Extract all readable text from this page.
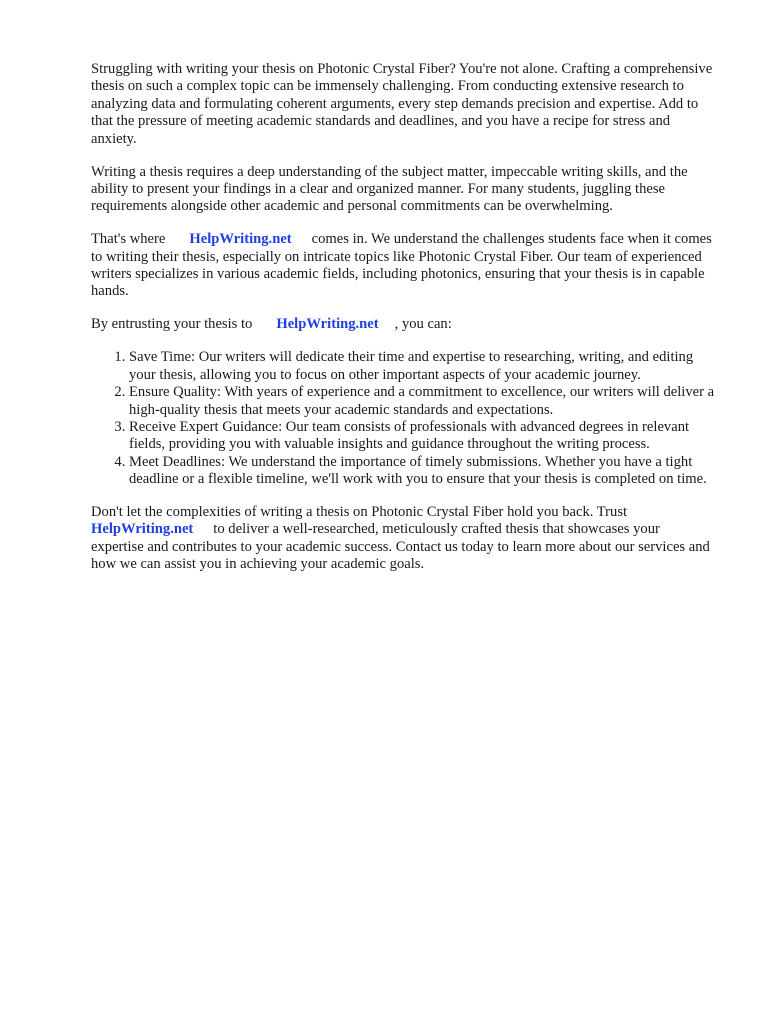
Struggling with writing your thesis on Photonic Crystal Fiber? You're not alone. Crafting a comprehensive thesis on such a complex topic can be immensely challenging. From conducting extensive research to analyzing data and formulating coherent arguments, every step demands precision and expertise. Add to that the pressure of meeting academic standards and deadlines, and you have a recipe for stress and anxiety.

Writing a thesis requires a deep understanding of the subject matter, impeccable writing skills, and the ability to present your findings in a clear and organized manner. For many students, juggling these requirements alongside other academic and personal commitments can be overwhelming.

That's where HelpWriting.net comes in. We understand the challenges students face when it comes to writing their thesis, especially on intricate topics like Photonic Crystal Fiber. Our team of experienced writers specializes in various academic fields, including photonics, ensuring that your thesis is in capable hands.

By entrusting your thesis to HelpWriting.net , you can:

1. Save Time: Our writers will dedicate their time and expertise to researching, writing, and editing your thesis, allowing you to focus on other important aspects of your academic journey.
2. Ensure Quality: With years of experience and a commitment to excellence, our writers will deliver a high-quality thesis that meets your academic standards and expectations.
3. Receive Expert Guidance: Our team consists of professionals with advanced degrees in relevant fields, providing you with valuable insights and guidance throughout the writing process.
4. Meet Deadlines: We understand the importance of timely submissions. Whether you have a tight deadline or a flexible timeline, we'll work with you to ensure that your thesis is completed on time.

Don't let the complexities of writing a thesis on Photonic Crystal Fiber hold you back. Trust HelpWriting.net to deliver a well-researched, meticulously crafted thesis that showcases your expertise and contributes to your academic success. Contact us today to learn more about our services and how we can assist you in achieving your academic goals.
